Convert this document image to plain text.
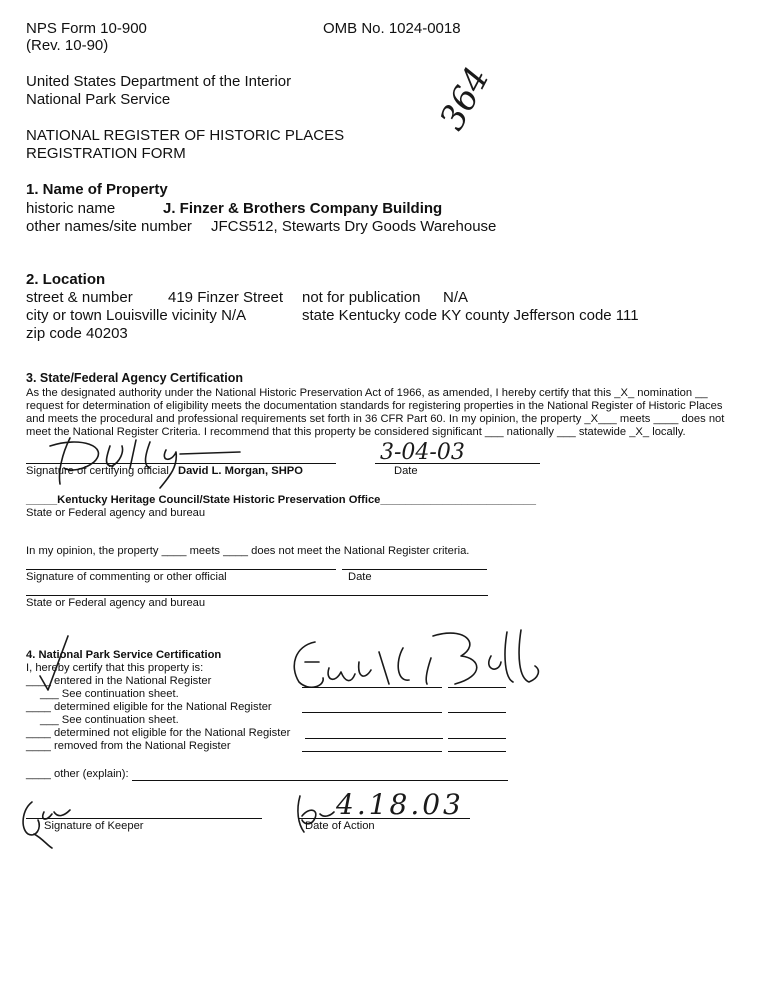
NPS Form 10-900	OMB No. 1024-0018
(Rev. 10-90)
United States Department of the Interior
National Park Service
NATIONAL REGISTER OF HISTORIC PLACES
REGISTRATION FORM
364
1. Name of Property
historic name	J. Finzer & Brothers Company Building
other names/site number JFCS512, Stewarts Dry Goods Warehouse
2. Location
street & number 419 Finzer Street not for publication N/A
city or town Louisville vicinity N/A	state Kentucky code KY county Jefferson code 111
zip code 40203
3. State/Federal Agency Certification
As the designated authority under the National Historic Preservation Act of 1966, as amended, I hereby certify that this _X_ nomination __
request for determination of eligibility meets the documentation standards for registering properties in the National Register of Historic Places
and meets the procedural and professional requirements set forth in 36 CFR Part 60. In my opinion, the property _X___ meets ____ does not
meet the National Register Criteria. I recommend that this property be considered significant ___ nationally ___ statewide _X_ locally.
Signature of certifying official David L. Morgan, SHPO
3-04-03
Date
_____Kentucky Heritage Council/State Historic Preservation Office_________________________
State or Federal agency and bureau
In my opinion, the property ____ meets ____ does not meet the National Register criteria.
Signature of commenting or other official	Date
State or Federal agency and bureau
4. National Park Service Certification
I, hereby certify that this property is:
____ entered in the National Register
___ See continuation sheet.
____ determined eligible for the National Register
___ See continuation sheet.
____ determined not eligible for the National Register
____ removed from the National Register
____ other (explain):
Signature of Keeper
4.18.03
Date of Action
